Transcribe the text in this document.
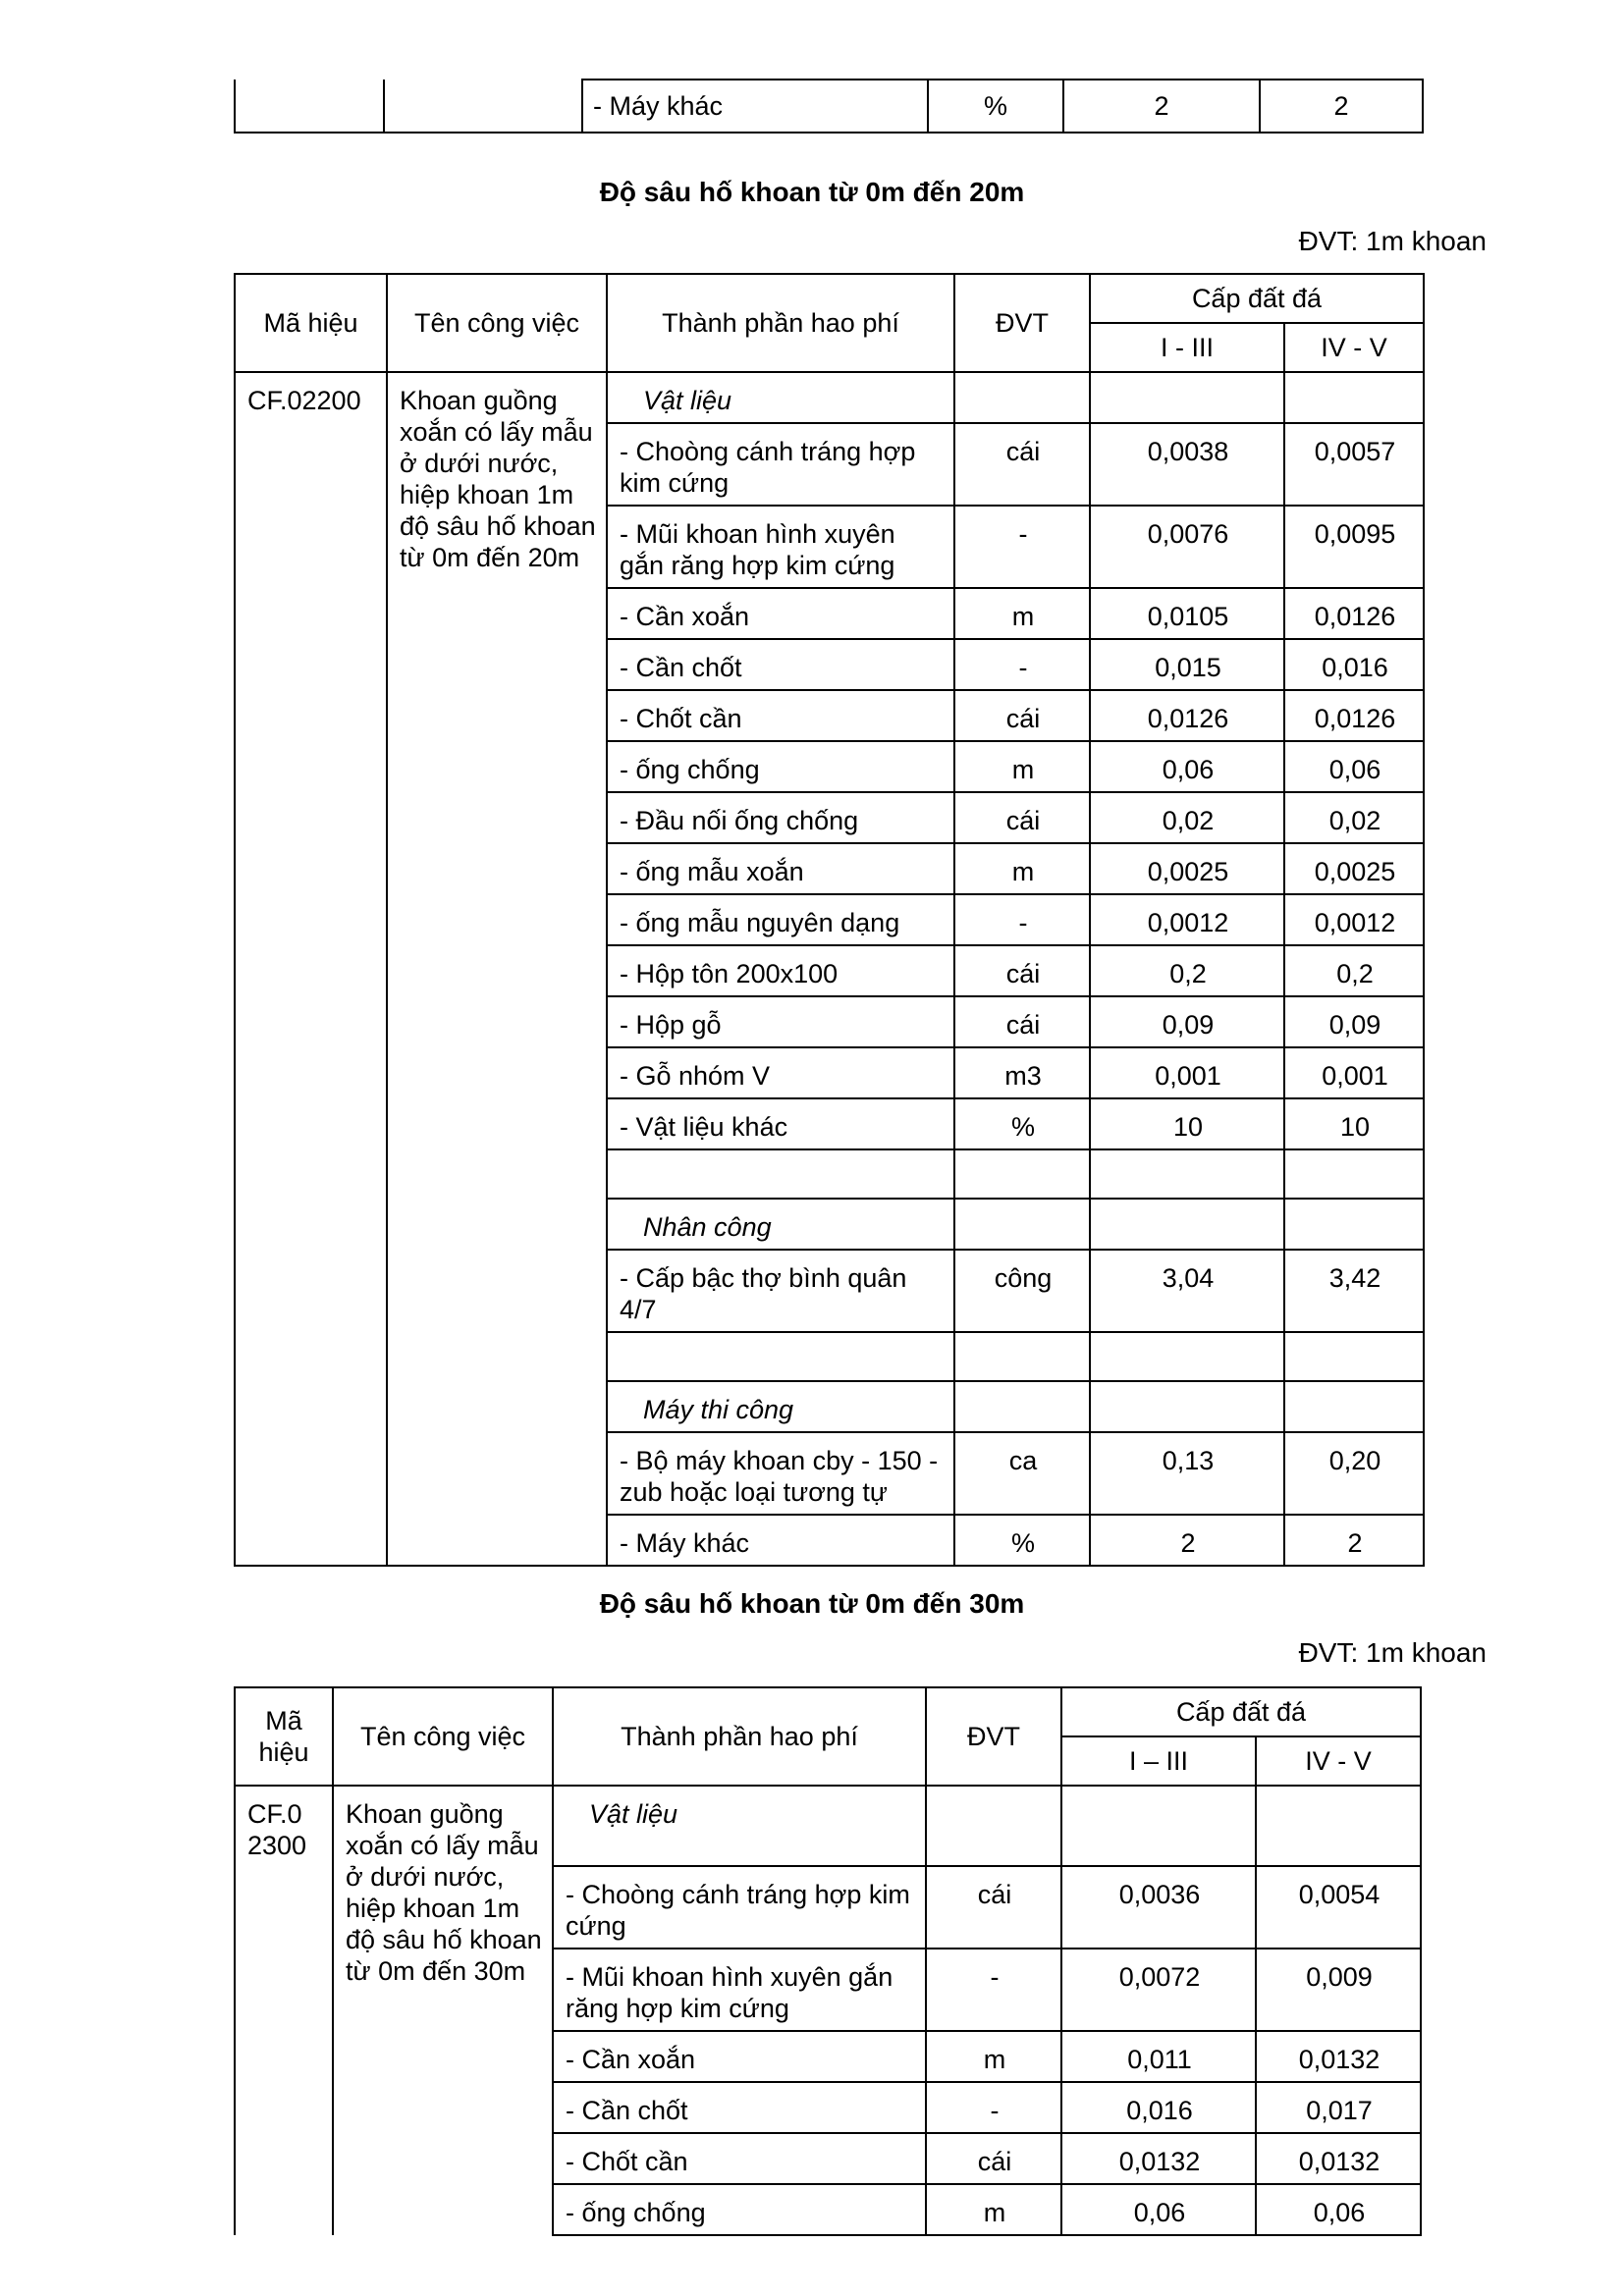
		- Máy khác	%	2	2
Độ sâu hố khoan từ 0m đến 20m
ĐVT: 1m khoan
Mã hiệu	Tên công việc	Thành phần hao phí	ĐVT	Cấp đất đá	
				I - III	IV - V
CF.02200	Khoan guồng xoắn có lấy mẫu ở dưới nước, hiệp khoan 1m độ sâu hố khoan từ 0m đến 20m	Vật liệu			
		- Choòng cánh tráng hợp kim cứng	cái	0,0038	0,0057
		- Mũi khoan hình xuyên gắn răng hợp kim cứng	-	0,0076	0,0095
		- Cần xoắn	m	0,0105	0,0126
		- Cần chốt	-	0,015	0,016
		- Chốt cần	cái	0,0126	0,0126
		- ống chống	m	0,06	0,06
		- Đầu nối ống chống	cái	0,02	0,02
		- ống mẫu xoắn	m	0,0025	0,0025
		- ống mẫu nguyên dạng	-	0,0012	0,0012
		- Hộp tôn 200x100	cái	0,2	0,2
		- Hộp gỗ	cái	0,09	0,09
		- Gỗ nhóm V	m3	0,001	0,001
		- Vật liệu khác	%	10	10

		Nhân công			
		- Cấp bậc thợ bình quân 4/7	công	3,04	3,42

		Máy thi công			
		- Bộ máy khoan cby - 150 - zub hoặc loại tương tự	ca	0,13	0,20
		- Máy khác	%	2	2
Độ sâu hố khoan từ 0m đến 30m
ĐVT: 1m khoan
Mã hiệu	Tên công việc	Thành phần hao phí	ĐVT	Cấp đất đá	
				I – III	IV - V
CF.0 2300	Khoan guồng xoắn có lấy mẫu ở dưới nước, hiệp khoan 1m độ sâu hố khoan từ 0m đến 30m	Vật liệu			
		- Choòng cánh tráng hợp kim cứng	cái	0,0036	0,0054
		- Mũi khoan hình xuyên gắn răng hợp kim cứng	-	0,0072	0,009
		- Cần xoắn	m	0,011	0,0132
		- Cần chốt	-	0,016	0,017
		- Chốt cần	cái	0,0132	0,0132
		- ống chống	m	0,06	0,06
